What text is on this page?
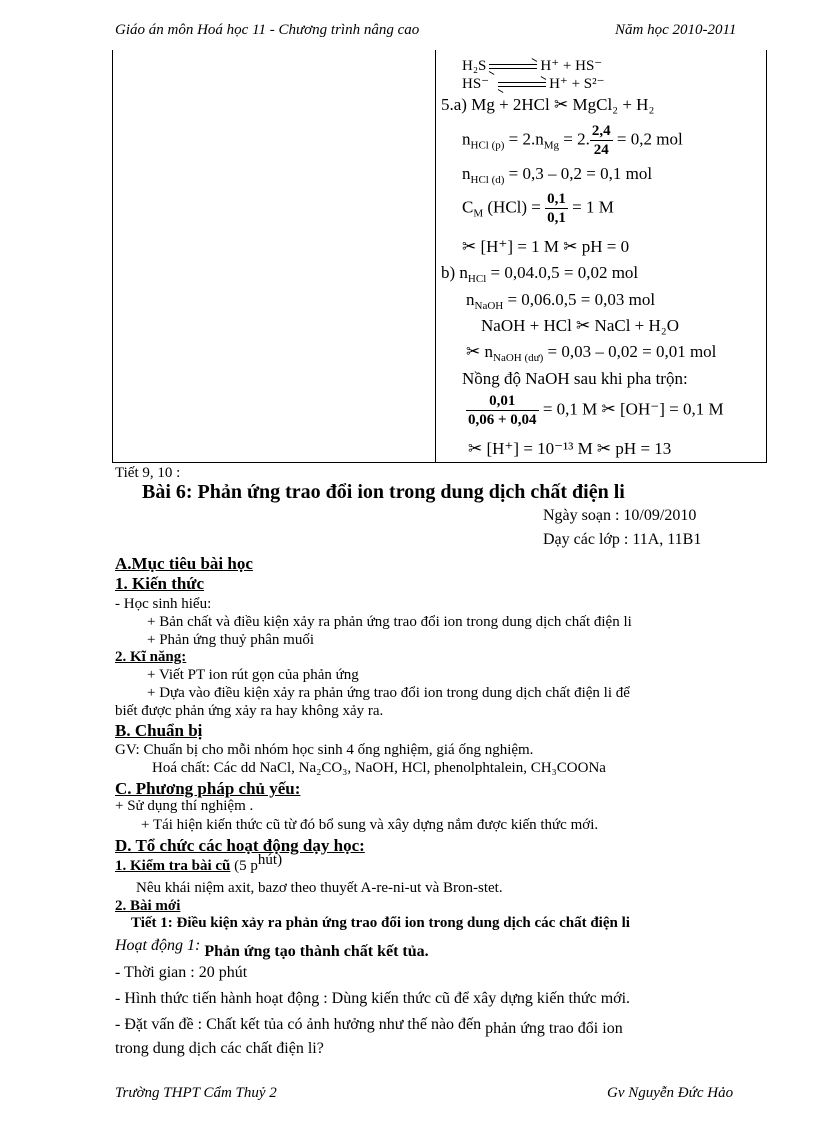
Giáo án môn Hoá học 11 - Chương trình nâng cao	Năm học 2010-2011
H₂S	H⁺ + HS⁻
HS⁻	H⁺ + S²⁻
5.a) Mg + 2HCl ✂ MgCl₂ + H₂
$n_{HCl (p)} = 2.n_{Mg} = 2$. $\frac{2,4}{24} = 0,2$ mol
$n_{HCl (d)} = 0,3 - 0,2 = 0,1$ mol
$C_M$ $(HCl) = \frac{0,1}{0,1} = 1$ M
✂ [H⁺] = 1 M ✂ pH = 0
b) $n_{HCl} = 0,04.0,5 = 0,02$ mol
$n_{NaOH} = 0,06.0,5 = 0,03$ mol
NaOH + HCl ✂ NaCl + H₂O
✂ $n_{NaOH (dư)} = 0,03 - 0,02 = 0,01$ mol
Nồng độ NaOH sau khi pha trộn:
$\frac{0,01}{0,06 + 0,04} = 0,1$ M ✂ [OH⁻] = 0,1 M
✂ [H⁺] = 10⁻¹³ M ✂ pH = 13
Tiết 9, 10 :
Bài 6: Phản ứng trao đổi ion trong dung dịch chất điện li
Ngày soạn : 10/09/2010
Dạy các lớp : 11A, 11B1
A.Mục tiêu bài học
1. Kiến thức
- Học sinh hiểu:
+ Bản chất và điều kiện xảy ra phản ứng trao đổi ion trong dung dịch chất điện li
+ Phản ứng thuỷ phân muối
2. Kĩ năng:
+ Viết PT ion rút gọn của phản ứng
+ Dựa vào điều kiện xảy ra phản ứng trao đổi ion trong dung dịch chất điện li để
biết được phản ứng xảy ra hay không xảy ra.
B. Chuẩn bị
GV: Chuẩn bị cho mỗi nhóm học sinh 4 ống nghiệm, giá ống nghiệm.
Hoá chất: Các dd NaCl, Na₂CO₃, NaOH, HCl, phenolphtalein, CH₃COONa
C. Phương pháp chủ yếu:
+ Sử dụng thí nghiệm .
+ Tái hiện kiến thức cũ từ đó bổ sung và xây dựng nắm được kiến thức mới.
D. Tổ chức các hoạt động dạy học:
1. Kiểm tra bài cũ (5 phút)
Nêu khái niệm axit, bazơ theo thuyết A-re-ni-ut và Bron-stet.
2. Bài mới
Tiết 1: Điều kiện xảy ra phản ứng trao đổi ion trong dung dịch các chất điện li
Hoạt động 1: Phản ứng tạo thành chất kết tủa.
- Thời gian : 20 phút
- Hình thức tiến hành hoạt động : Dùng kiến thức cũ để xây dựng kiến thức mới.
- Đặt vấn đề : Chất kết tủa có ảnh hưởng như thế nào đến phản ứng trao đổi ion
trong dung dịch các chất điện li?
Trường THPT Cẩm Thuỷ 2	Gv Nguyễn Đức Hảo
